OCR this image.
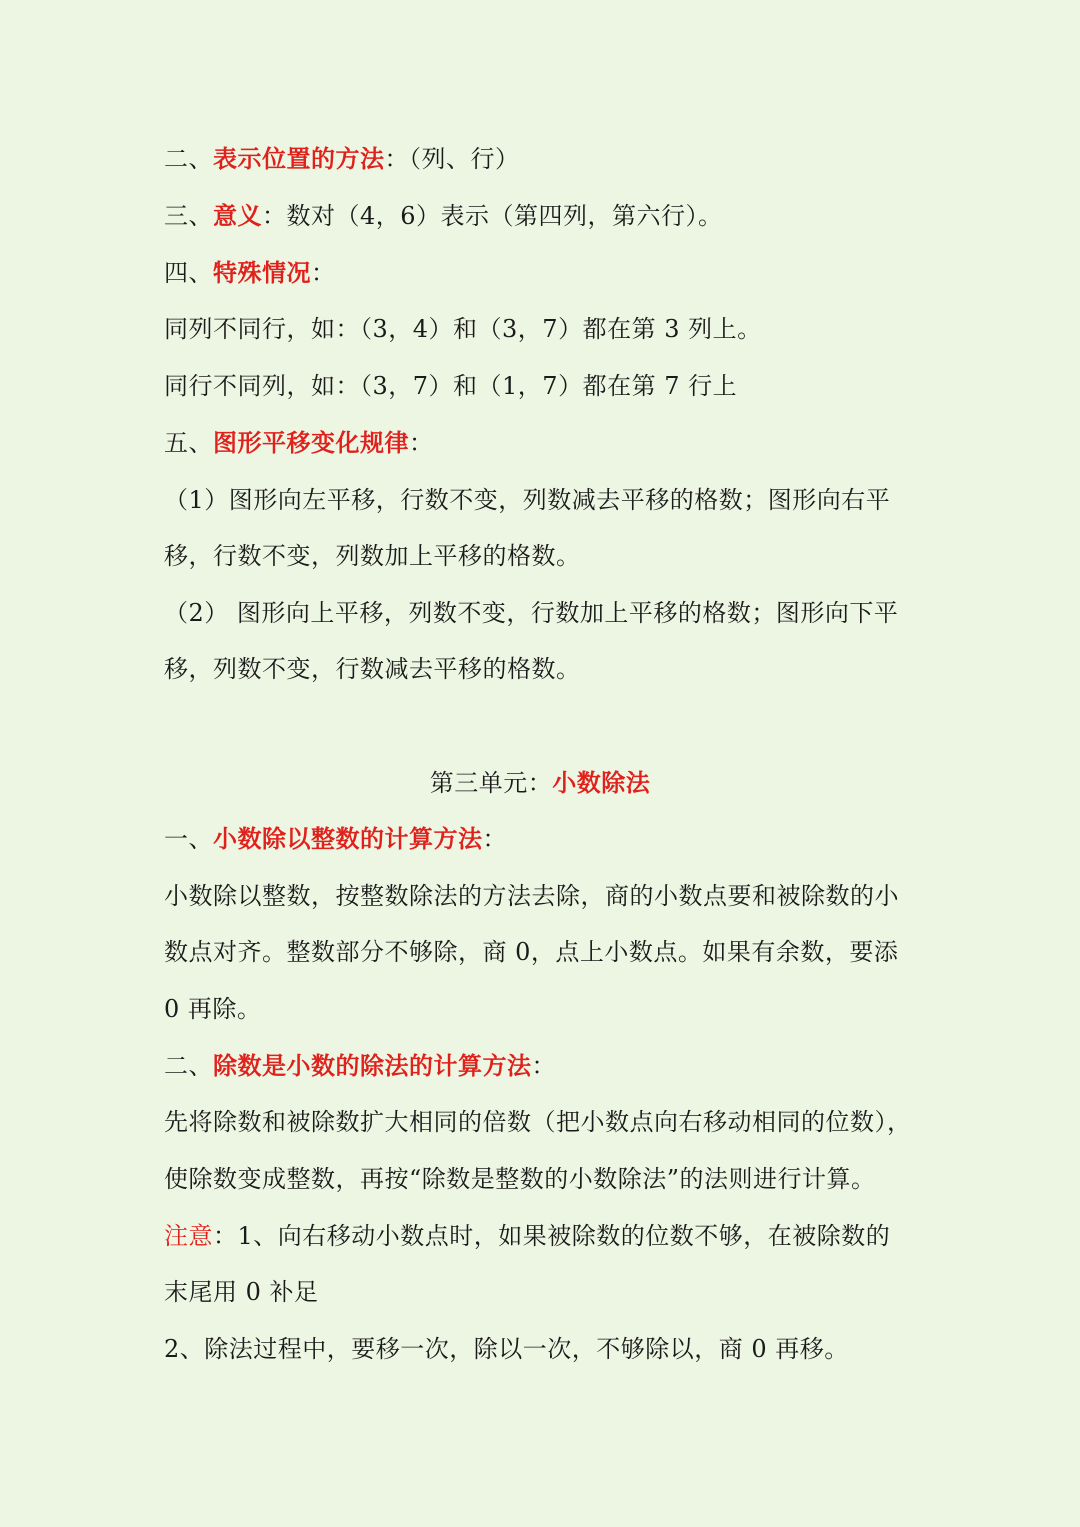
二、表示位置的方法：（列、行）
三、意义：数对（4，6）表示（第四列，第六行）。
四、特殊情况：
同列不同行，如：（3，4）和（3，7）都在第 3 列上。
同行不同列，如：（3，7）和（1，7）都在第 7 行上
五、图形平移变化规律：
（1）图形向左平移，行数不变，列数减去平移的格数；图形向右平
移，行数不变，列数加上平移的格数。
（2） 图形向上平移，列数不变，行数加上平移的格数；图形向下平
移，列数不变，行数减去平移的格数。
第三单元：小数除法
一、小数除以整数的计算方法：
小数除以整数，按整数除法的方法去除，商的小数点要和被除数的小
数点对齐。整数部分不够除，商 0，点上小数点。如果有余数，要添
0 再除。
二、除数是小数的除法的计算方法：
先将除数和被除数扩大相同的倍数（把小数点向右移动相同的位数），
使除数变成整数，再按“除数是整数的小数除法”的法则进行计算。
注意：1、向右移动小数点时，如果被除数的位数不够，在被除数的
末尾用 0 补足
2、除法过程中，要移一次，除以一次，不够除以，商 0 再移。
